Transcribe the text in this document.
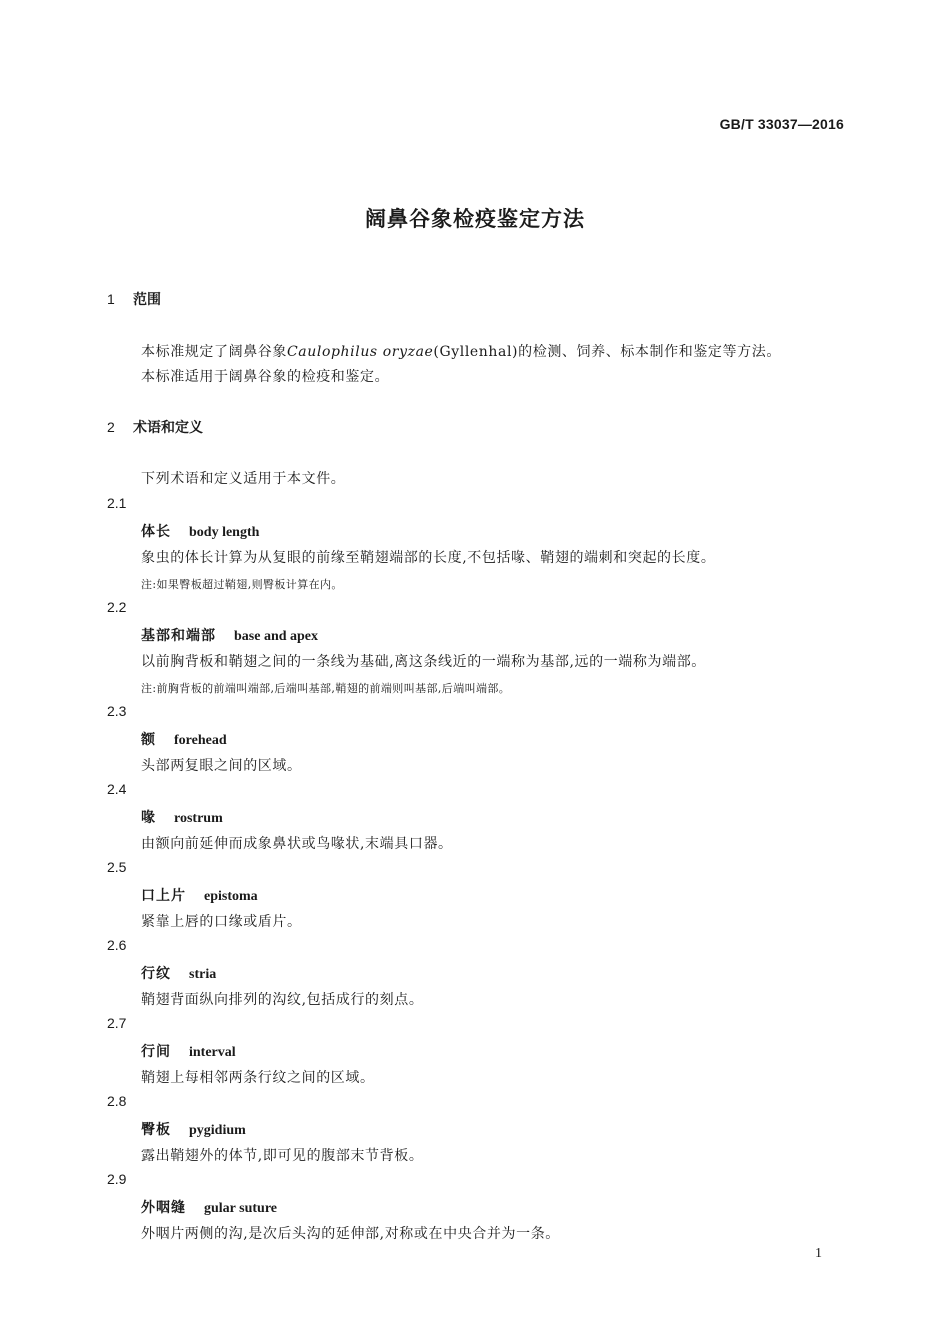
GB/T 33037—2016
阔鼻谷象检疫鉴定方法
1 范围
本标准规定了阔鼻谷象Caulophilus oryzae(Gyllenhal)的检测、饲养、标本制作和鉴定等方法。
本标准适用于阔鼻谷象的检疫和鉴定。
2 术语和定义
下列术语和定义适用于本文件。
2.1
体长 body length
象虫的体长计算为从复眼的前缘至鞘翅端部的长度,不包括喙、鞘翅的端刺和突起的长度。
注:如果臀板超过鞘翅,则臀板计算在内。
2.2
基部和端部 base and apex
以前胸背板和鞘翅之间的一条线为基础,离这条线近的一端称为基部,远的一端称为端部。
注:前胸背板的前端叫端部,后端叫基部,鞘翅的前端则叫基部,后端叫端部。
2.3
额 forehead
头部两复眼之间的区域。
2.4
喙 rostrum
由额向前延伸而成象鼻状或鸟喙状,末端具口器。
2.5
口上片 epistoma
紧靠上唇的口缘或盾片。
2.6
行纹 stria
鞘翅背面纵向排列的沟纹,包括成行的刻点。
2.7
行间 interval
鞘翅上每相邻两条行纹之间的区域。
2.8
臀板 pygidium
露出鞘翅外的体节,即可见的腹部末节背板。
2.9
外咽缝 gular suture
外咽片两侧的沟,是次后头沟的延伸部,对称或在中央合并为一条。
1
